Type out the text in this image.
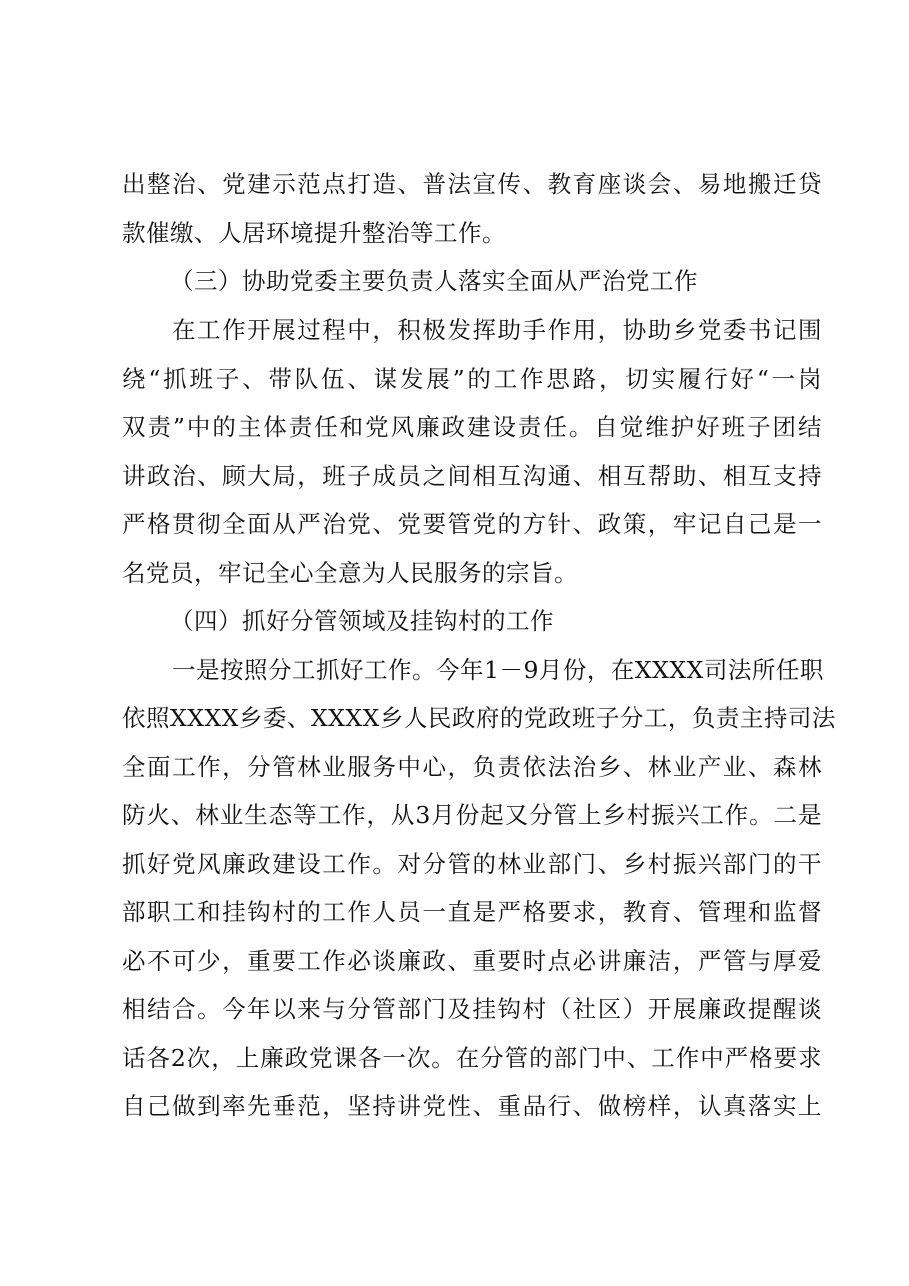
出整治、党建示范点打造、普法宣传、教育座谈会、易地搬迁贷
款催缴、人居环境提升整治等工作。
（三）协助党委主要负责人落实全面从严治党工作
在工作开展过程中，积极发挥助手作用，协助乡党委书记围
绕“抓班子、带队伍、谋发展”的工作思路，切实履行好“一岗
双责”中的主体责任和党风廉政建设责任。自觉维护好班子团结
讲政治、顾大局，班子成员之间相互沟通、相互帮助、相互支持
严格贯彻全面从严治党、党要管党的方针、政策，牢记自己是一
名党员，牢记全心全意为人民服务的宗旨。
（四）抓好分管领域及挂钩村的工作
一是按照分工抓好工作。今年1－9月份，在XXXX司法所任职
依照XXXX乡委、XXXX乡人民政府的党政班子分工，负责主持司法
全面工作，分管林业服务中心，负责依法治乡、林业产业、森林
防火、林业生态等工作，从3月份起又分管上乡村振兴工作。二是
抓好党风廉政建设工作。对分管的林业部门、乡村振兴部门的干
部职工和挂钩村的工作人员一直是严格要求，教育、管理和监督
必不可少，重要工作必谈廉政、重要时点必讲廉洁，严管与厚爱
相结合。今年以来与分管部门及挂钩村（社区）开展廉政提醒谈
话各2次，上廉政党课各一次。在分管的部门中、工作中严格要求
自己做到率先垂范，坚持讲党性、重品行、做榜样，认真落实上
